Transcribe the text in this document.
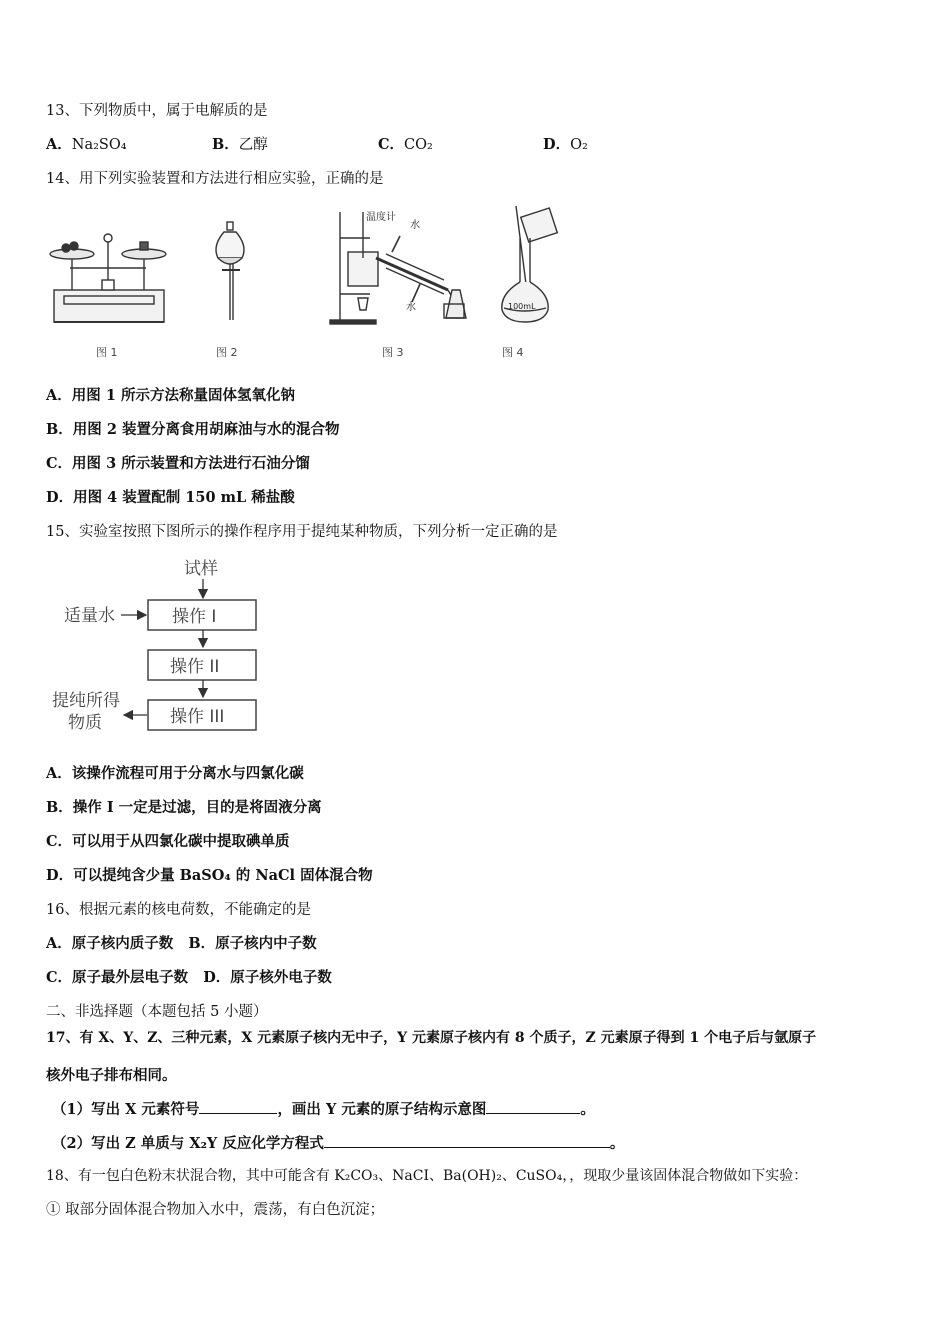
13、下列物质中，属于电解质的是
A．Na₂SO₄	B．乙醇	C．CO₂	D．O₂
14、用下列实验装置和方法进行相应实验，正确的是
图 1	图 2
温度计
水
水
图 3
100mL
图 4
A．用图 1 所示方法称量固体氢氧化钠
B．用图 2 装置分离食用胡麻油与水的混合物
C．用图 3 所示装置和方法进行石油分馏
D．用图 4 装置配制 150 mL 稀盐酸
15、实验室按照下图所示的操作程序用于提纯某种物质，下列分析一定正确的是
试样
适量水	操作 I
操作 II
操作 III
提纯所得
物质
A．该操作流程可用于分离水与四氯化碳
B．操作 I 一定是过滤，目的是将固液分离
C．可以用于从四氯化碳中提取碘单质
D．可以提纯含少量 BaSO₄ 的 NaCl 固体混合物
16、根据元素的核电荷数，不能确定的是
A．原子核内质子数 B．原子核内中子数
C．原子最外层电子数 D．原子核外电子数
二、非选择题（本题包括 5 小题）
17、有 X、Y、Z、三种元素，X 元素原子核内无中子，Y 元素原子核内有 8 个质子，Z 元素原子得到 1 个电子后与氩原子
核外电子排布相同。
（1）写出 X 元素符号	，画出 Y 元素的原子结构示意图	。
（2）写出 Z 单质与 X₂Y 反应化学方程式	。
18、有一包白色粉末状混合物，其中可能含有 K₂CO₃、NaCI、Ba(OH)₂、CuSO₄，，现取少量该固体混合物做如下实验：
① 取部分固体混合物加入水中，震荡，有白色沉淀；
